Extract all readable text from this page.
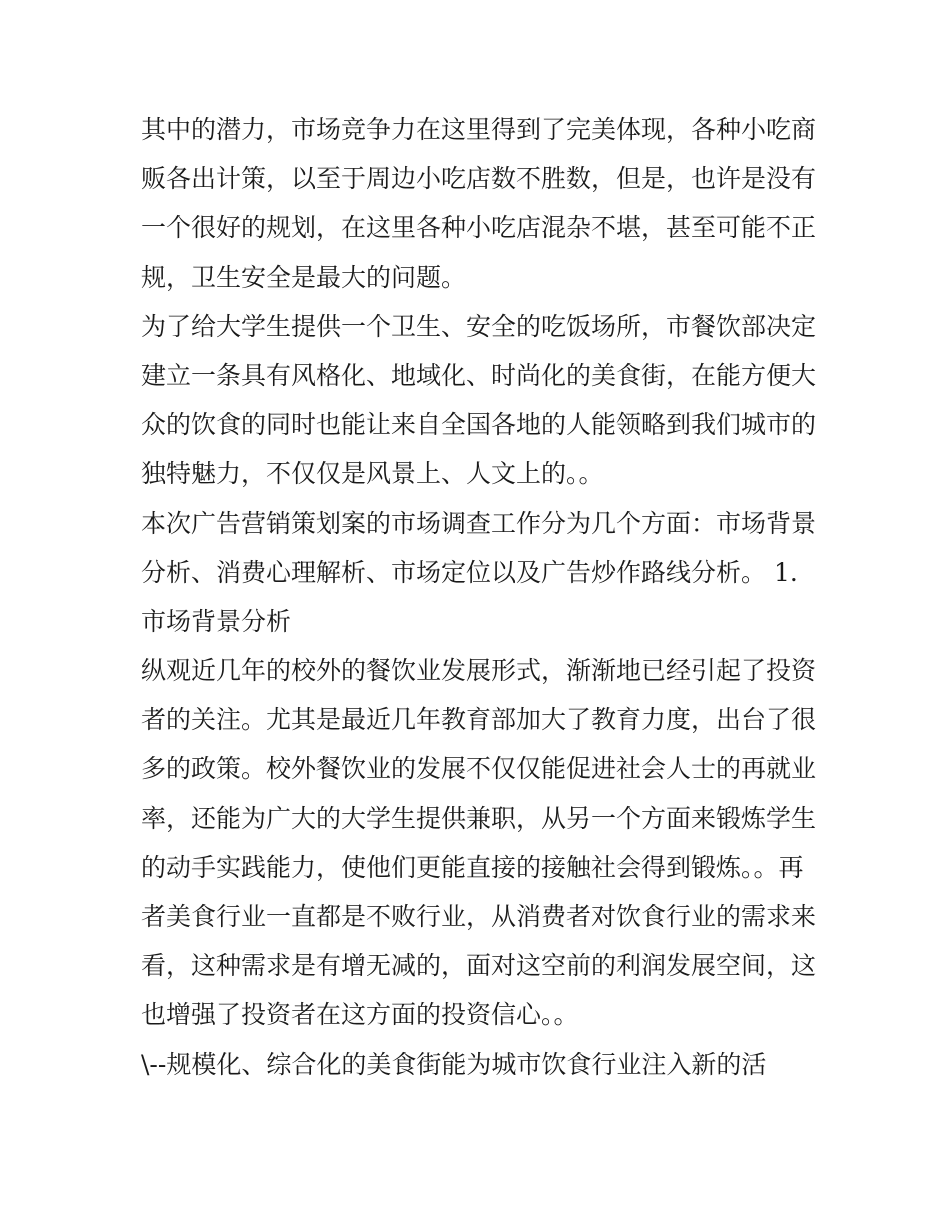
其中的潜力，市场竞争力在这里得到了完美体现，各种小吃商
贩各出计策，以至于周边小吃店数不胜数，但是，也许是没有
一个很好的规划，在这里各种小吃店混杂不堪，甚至可能不正
规，卫生安全是最大的问题。
为了给大学生提供一个卫生、安全的吃饭场所，市餐饮部决定
建立一条具有风格化、地域化、时尚化的美食街，在能方便大
众的饮食的同时也能让来自全国各地的人能领略到我们城市的
独特魅力，不仅仅是风景上、人文上的。。
本次广告营销策划案的市场调查工作分为几个方面：市场背景
分析、消费心理解析、市场定位以及广告炒作路线分析。 1.
市场背景分析
纵观近几年的校外的餐饮业发展形式，渐渐地已经引起了投资
者的关注。尤其是最近几年教育部加大了教育力度，出台了很
多的政策。校外餐饮业的发展不仅仅能促进社会人士的再就业
率，还能为广大的大学生提供兼职，从另一个方面来锻炼学生
的动手实践能力，使他们更能直接的接触社会得到锻炼。。再
者美食行业一直都是不败行业，从消费者对饮食行业的需求来
看，这种需求是有增无减的，面对这空前的利润发展空间，这
也增强了投资者在这方面的投资信心。。
\--规模化、综合化的美食街能为城市饮食行业注入新的活
